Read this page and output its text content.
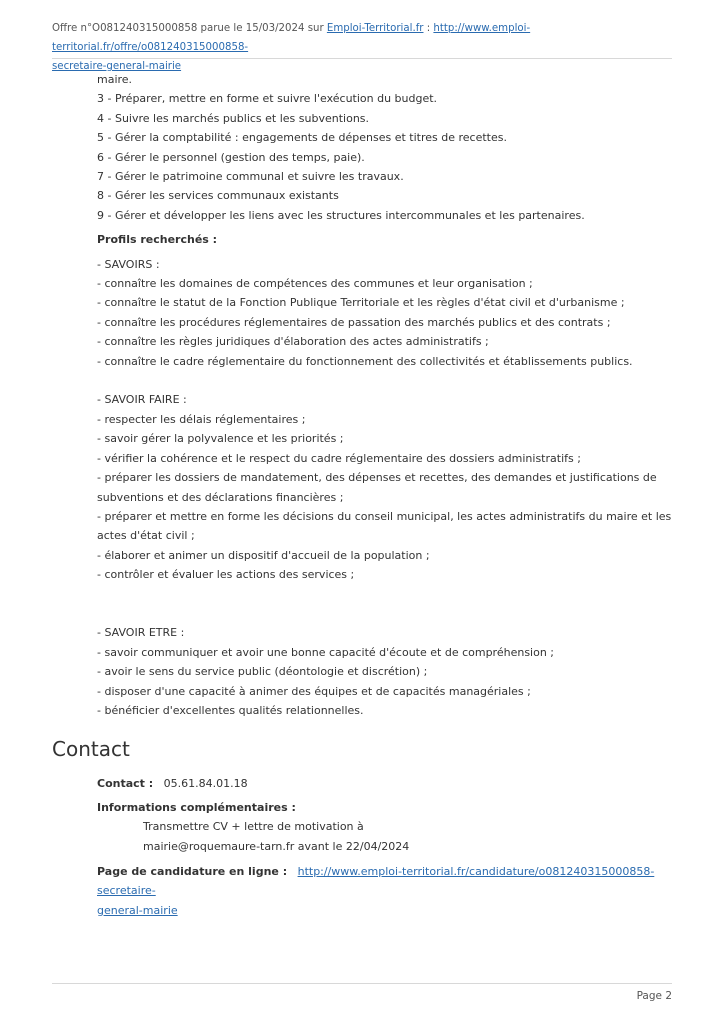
Offre n°O081240315000858 parue le 15/03/2024 sur Emploi-Territorial.fr : http://www.emploi-territorial.fr/offre/o081240315000858-
secretaire-general-mairie
maire.
3 - Préparer, mettre en forme et suivre l'exécution du budget.
4 - Suivre les marchés publics et les subventions.
5 - Gérer la comptabilité : engagements de dépenses et titres de recettes.
6 - Gérer le personnel (gestion des temps, paie).
7 - Gérer le patrimoine communal et suivre les travaux.
8 - Gérer les services communaux existants
9 - Gérer et développer les liens avec les structures intercommunales et les partenaires.
Profils recherchés :
- SAVOIRS :
- connaître les domaines de compétences des communes et leur organisation ;
- connaître le statut de la Fonction Publique Territoriale et les règles d'état civil et d'urbanisme ;
- connaître les procédures réglementaires de passation des marchés publics et des contrats ;
- connaître les règles juridiques d'élaboration des actes administratifs ;
- connaître le cadre réglementaire du fonctionnement des collectivités et établissements publics.
- SAVOIR FAIRE :
- respecter les délais réglementaires ;
- savoir gérer la polyvalence et les priorités ;
- vérifier la cohérence et le respect du cadre réglementaire des dossiers administratifs ;
- préparer les dossiers de mandatement, des dépenses et recettes, des demandes et justifications de subventions et des déclarations financières ;
- préparer et mettre en forme les décisions du conseil municipal, les actes administratifs du maire et les actes d'état civil ;
- élaborer et animer un dispositif d'accueil de la population ;
- contrôler et évaluer les actions des services ;
- SAVOIR ETRE :
- savoir communiquer et avoir une bonne capacité d'écoute et de compréhension ;
- avoir le sens du service public (déontologie et discrétion) ;
- disposer d'une capacité à animer des équipes et de capacités managériales ;
- bénéficier d'excellentes qualités relationnelles.
Contact
Contact : 05.61.84.01.18
Informations complémentaires :
Transmettre CV + lettre de motivation à
mairie@roquemaure-tarn.fr avant le 22/04/2024
Page de candidature en ligne : http://www.emploi-territorial.fr/candidature/o081240315000858-secretaire-
general-mairie
Page 2
